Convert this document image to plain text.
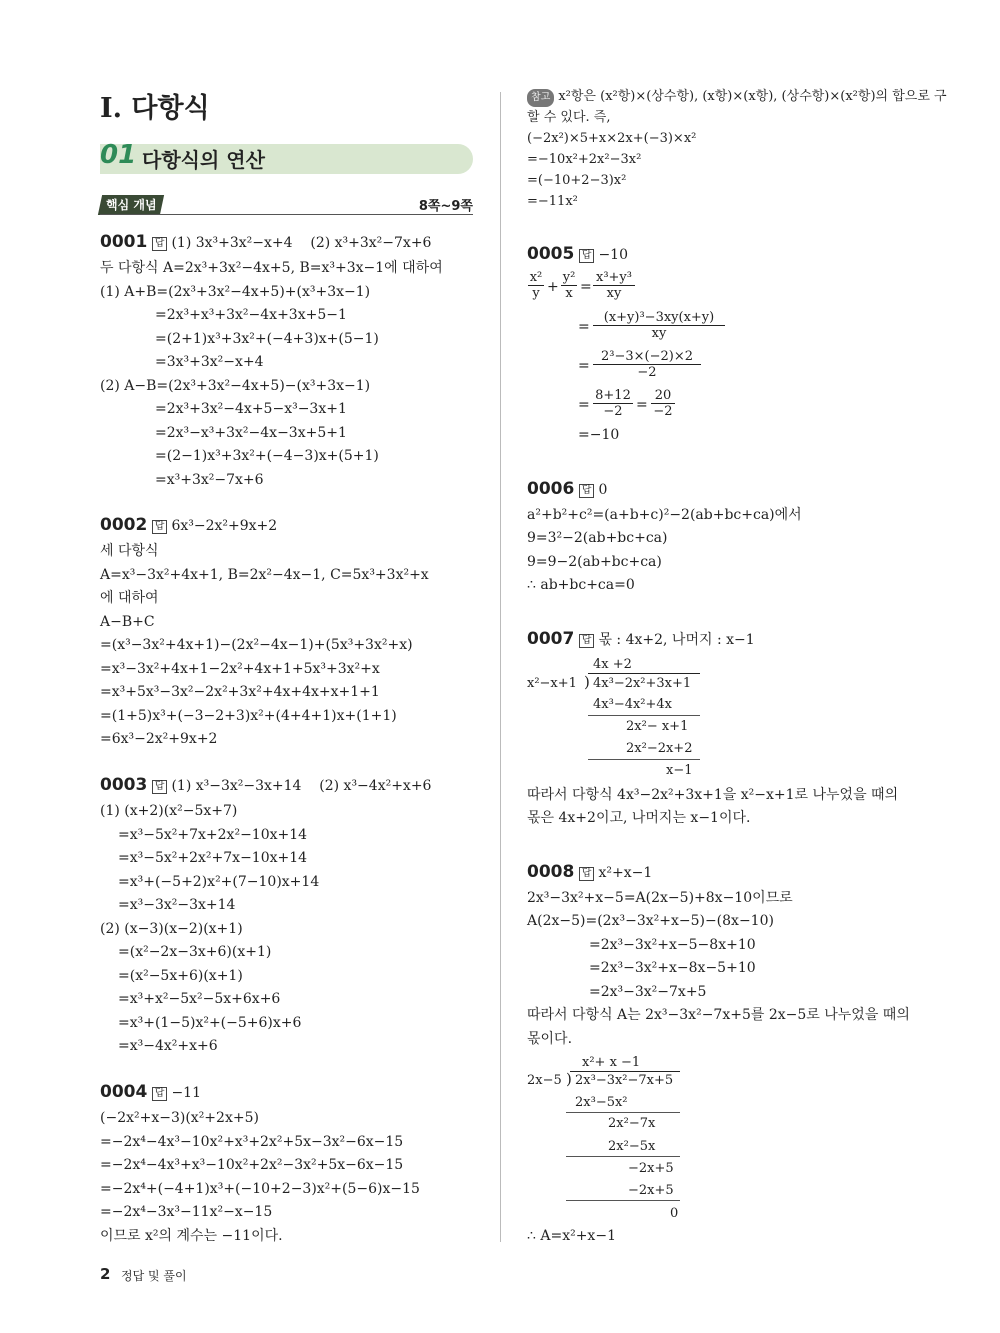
I. 다항식
01 다항식의 연산
핵심 개념	8쪽~9쪽
0001 답 (1) 3x³+3x²−x+4    (2) x³+3x²−7x+6
두 다항식 A=2x³+3x²−4x+5, B=x³+3x−1에 대하여
(1) A+B=(2x³+3x²−4x+5)+(x³+3x−1)
=2x³+x³+3x²−4x+3x+5−1
=(2+1)x³+3x²+(−4+3)x+(5−1)
=3x³+3x²−x+4
(2) A−B=(2x³+3x²−4x+5)−(x³+3x−1)
=2x³+3x²−4x+5−x³−3x+1
=2x³−x³+3x²−4x−3x+5+1
=(2−1)x³+3x²+(−4−3)x+(5+1)
=x³+3x²−7x+6
0002 답 6x³−2x²+9x+2
세 다항식
A=x³−3x²+4x+1, B=2x²−4x−1, C=5x³+3x²+x
에 대하여
A−B+C
=(x³−3x²+4x+1)−(2x²−4x−1)+(5x³+3x²+x)
=x³−3x²+4x+1−2x²+4x+1+5x³+3x²+x
=x³+5x³−3x²−2x²+3x²+4x+4x+x+1+1
=(1+5)x³+(−3−2+3)x²+(4+4+1)x+(1+1)
=6x³−2x²+9x+2
0003 답 (1) x³−3x²−3x+14    (2) x³−4x²+x+6
(1) (x+2)(x²−5x+7)
=x³−5x²+7x+2x²−10x+14
=x³−5x²+2x²+7x−10x+14
=x³+(−5+2)x²+(7−10)x+14
=x³−3x²−3x+14
(2) (x−3)(x−2)(x+1)
=(x²−2x−3x+6)(x+1)
=(x²−5x+6)(x+1)
=x³+x²−5x²−5x+6x+6
=x³+(1−5)x²+(−5+6)x+6
=x³−4x²+x+6
0004 답 −11
(−2x²+x−3)(x²+2x+5)
=−2x⁴−4x³−10x²+x³+2x²+5x−3x²−6x−15
=−2x⁴−4x³+x³−10x²+2x²−3x²+5x−6x−15
=−2x⁴+(−4+1)x³+(−10+2−3)x²+(5−6)x−15
=−2x⁴−3x³−11x²−x−15
이므로 x²의 계수는 −11이다.
참고 x²항은 (x²항)×(상수항), (x항)×(x항), (상수항)×(x²항)의 합으로 구
할 수 있다. 즉,
(−2x²)×5+x×2x+(−3)×x²
=−10x²+2x²−3x²
=(−10+2−3)x²
=−11x²
0005 답 −10
$\frac{\text{x²}}{y} + \frac{\text{y²}}{x} = \frac{\text{x³+y³}}{xy}$
= $\frac{\text{(x+y)³−3xy(x+y)}}{xy}$
= $\frac{\text{2³−3×(−2)×2}}{-2}$
= $\frac{8+12}{-2} = \frac{20}{-2}$
=−10
0006 답 0
a²+b²+c²=(a+b+c)²−2(ab+bc+ca)에서
9=3²−2(ab+bc+ca)
9=9−2(ab+bc+ca)
∴ ab+bc+ca=0
0007 답 몫 : 4x+2, 나머지 : x−1
4x +2
x²−x+1 ) 4x³−2x²+3x+1
4x³−4x²+4x
2x²− x+1
2x²−2x+2
x−1
따라서 다항식 4x³−2x²+3x+1을 x²−x+1로 나누었을 때의
몫은 4x+2이고, 나머지는 x−1이다.
0008 답 x²+x−1
2x³−3x²+x−5=A(2x−5)+8x−10이므로
A(2x−5)=(2x³−3x²+x−5)−(8x−10)
=2x³−3x²+x−5−8x+10
=2x³−3x²+x−8x−5+10
=2x³−3x²−7x+5
따라서 다항식 A는 2x³−3x²−7x+5를 2x−5로 나누었을 때의
몫이다.
x²+ x −1
2x−5 ) 2x³−3x²−7x+5
2x³−5x²
2x²−7x
2x²−5x
−2x+5
−2x+5
0
∴ A=x²+x−1
2 정답 및 풀이
